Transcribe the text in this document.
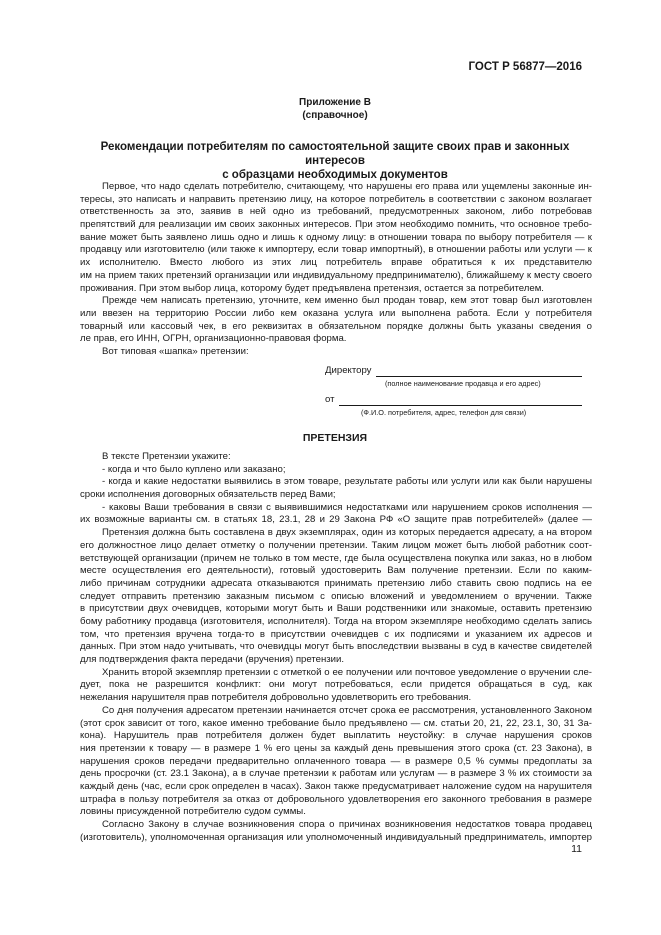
ГОСТ Р 56877—2016
Приложение В
(справочное)
Рекомендации потребителям по самостоятельной защите своих прав и законных интересов
с образцами необходимых документов
Первое, что надо сделать потребителю, считающему, что нарушены его права или ущемлены законные ин-
тересы, это написать и направить претензию лицу, на которое потребитель в соответствии с законом возлагает
ответственность за это, заявив в ней одно из требований, предусмотренных законом, либо потребовав
препятствий для реализации им своих законных интересов. При этом необходимо помнить, что основное требо-
вание может быть заявлено лишь одно и лишь к одному лицу: в отношении товара по выбору потребителя — к
продавцу или изготовителю (или также к импортеру, если товар импортный), в отношении работы или услуги — к
их исполнителю. Вместо любого из этих лиц потребитель вправе обратиться к их представителю
им на прием таких претензий организации или индивидуальному предпринимателю), ближайшему к месту своего
проживания. При этом выбор лица, которому будет предъявлена претензия, остается за потребителем.
Прежде чем написать претензию, уточните, кем именно был продан товар, кем этот товар был изготовлен
или ввезен на территорию России либо кем оказана услуга или выполнена работа. Если у потребителя
товарный или кассовый чек, в его реквизитах в обязательном порядке должны быть указаны сведения о
ле прав, его ИНН, ОГРН, организационно-правовая форма.
Вот типовая «шапка» претензии:
Директору
(полное наименование продавца и его адрес)
от
(Ф.И.О. потребителя, адрес, телефон для связи)
ПРЕТЕНЗИЯ
В тексте Претензии укажите:
- когда и что было куплено или заказано;
- когда и какие недостатки выявились в этом товаре, результате работы или услуги или как были нарушены
сроки исполнения договорных обязательств перед Вами;
- каковы Ваши требования в связи с выявившимися недостатками или нарушением сроков исполнения —
их возможные варианты см. в статьях 18, 23.1, 28 и 29 Закона РФ «О защите прав потребителей» (далее —
Претензия должна быть составлена в двух экземплярах, один из которых передается адресату, а на втором
его должностное лицо делает отметку о получении претензии. Таким лицом может быть любой работник соот-
ветствующей организации (причем не только в том месте, где была осуществлена покупка или заказ, но в любом
месте осуществления его деятельности), готовый удостоверить Вам получение претензии. Если по каким-
либо причинам сотрудники адресата отказываются принимать претензию либо ставить свою подпись на ее
следует отправить претензию заказным письмом с описью вложений и уведомлением о вручении. Также
в присутствии двух очевидцев, которыми могут быть и Ваши родственники или знакомые, оставить претензию
бому работнику продавца (изготовителя, исполнителя). Тогда на втором экземпляре необходимо сделать запись
том, что претензия вручена тогда-то в присутствии очевидцев с их подписями и указанием их адресов и
данных. При этом надо учитывать, что очевидцы могут быть впоследствии вызваны в суд в качестве свидетелей
для подтверждения факта передачи (вручения) претензии.
Хранить второй экземпляр претензии с отметкой о ее получении или почтовое уведомление о вручении сле-
дует, пока не разрешится конфликт: они могут потребоваться, если придется обращаться в суд, как
нежелания нарушителя прав потребителя добровольно удовлетворить его требования.
Со дня получения адресатом претензии начинается отсчет срока ее рассмотрения, установленного Законом
(этот срок зависит от того, какое именно требование было предъявлено — см. статьи 20, 21, 22, 23.1, 30, 31 За-
кона). Нарушитель прав потребителя должен будет выплатить неустойку: в случае нарушения сроков
ния претензии к товару — в размере 1 % его цены за каждый день превышения этого срока (ст. 23 Закона), в
нарушения сроков передачи предварительно оплаченного товара — в размере 0,5 % суммы предоплаты за
день просрочки (ст. 23.1 Закона), а в случае претензии к работам или услугам — в размере 3 % их стоимости за
каждый день (час, если срок определен в часах). Закон также предусматривает наложение судом на нарушителя
штрафа в пользу потребителя за отказ от добровольного удовлетворения его законного требования в размере
ловины присужденной потребителю судом суммы.
Согласно Закону в случае возникновения спора о причинах возникновения недостатков товара продавец
(изготовитель), уполномоченная организация или уполномоченный индивидуальный предприниматель, импортер
11
